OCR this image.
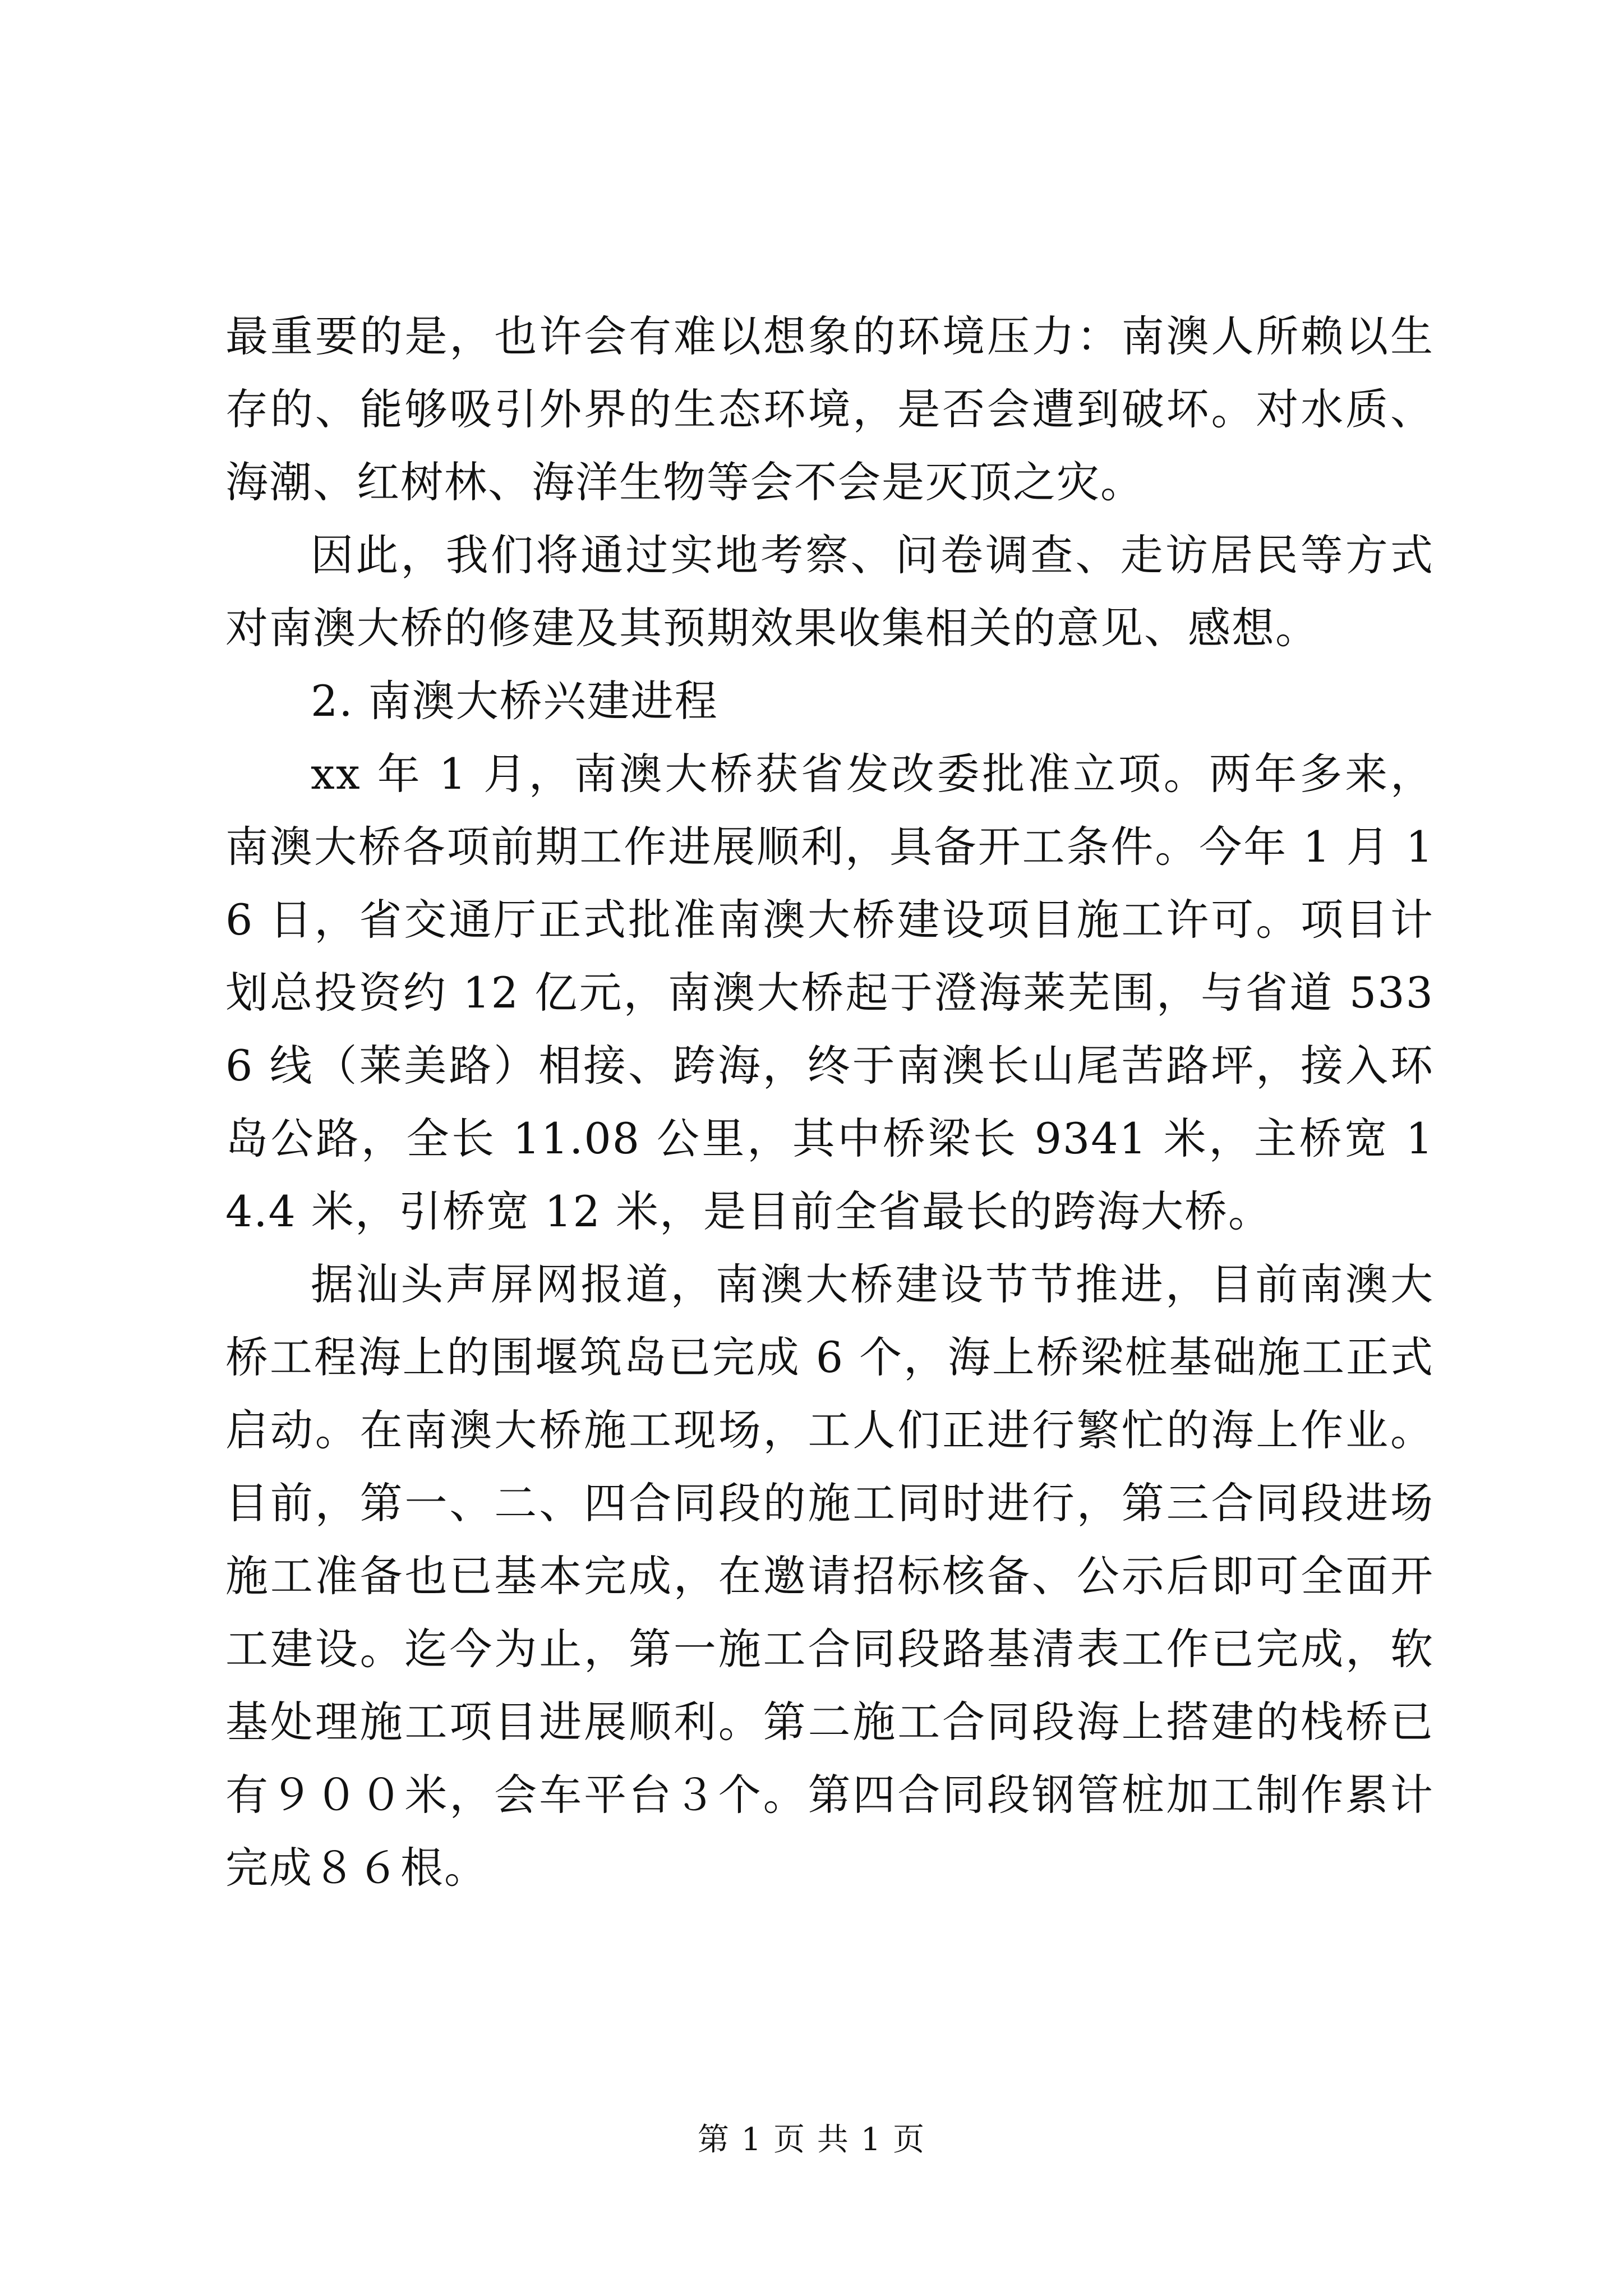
最重要的是，也许会有难以想象的环境压力：南澳人所赖以生存的、能够吸引外界的生态环境，是否会遭到破坏。对水质、海潮、红树林、海洋生物等会不会是灭顶之灾。

因此，我们将通过实地考察、问卷调查、走访居民等方式对南澳大桥的修建及其预期效果收集相关的意见、感想。

2. 南澳大桥兴建进程

xx 年 1 月，南澳大桥获省发改委批准立项。两年多来，南澳大桥各项前期工作进展顺利，具备开工条件。今年 1 月 16 日，省交通厅正式批准南澳大桥建设项目施工许可。项目计划总投资约 12 亿元，南澳大桥起于澄海莱芜围，与省道 5336 线（莱美路）相接、跨海，终于南澳长山尾苦路坪，接入环岛公路，全长 11.08 公里，其中桥梁长 9341 米，主桥宽 14.4 米，引桥宽 12 米，是目前全省最长的跨海大桥。

据汕头声屏网报道，南澳大桥建设节节推进，目前南澳大桥工程海上的围堰筑岛已完成 6 个，海上桥梁桩基础施工正式启动。在南澳大桥施工现场，工人们正进行繁忙的海上作业。目前，第一、二、四合同段的施工同时进行，第三合同段进场施工准备也已基本完成，在邀请招标核备、公示后即可全面开工建设。迄今为止，第一施工合同段路基清表工作已完成，软基处理施工项目进展顺利。第二施工合同段海上搭建的栈桥已有９００米，会车平台３个。第四合同段钢管桩加工制作累计完成８６根。

第 1 页 共 1 页
